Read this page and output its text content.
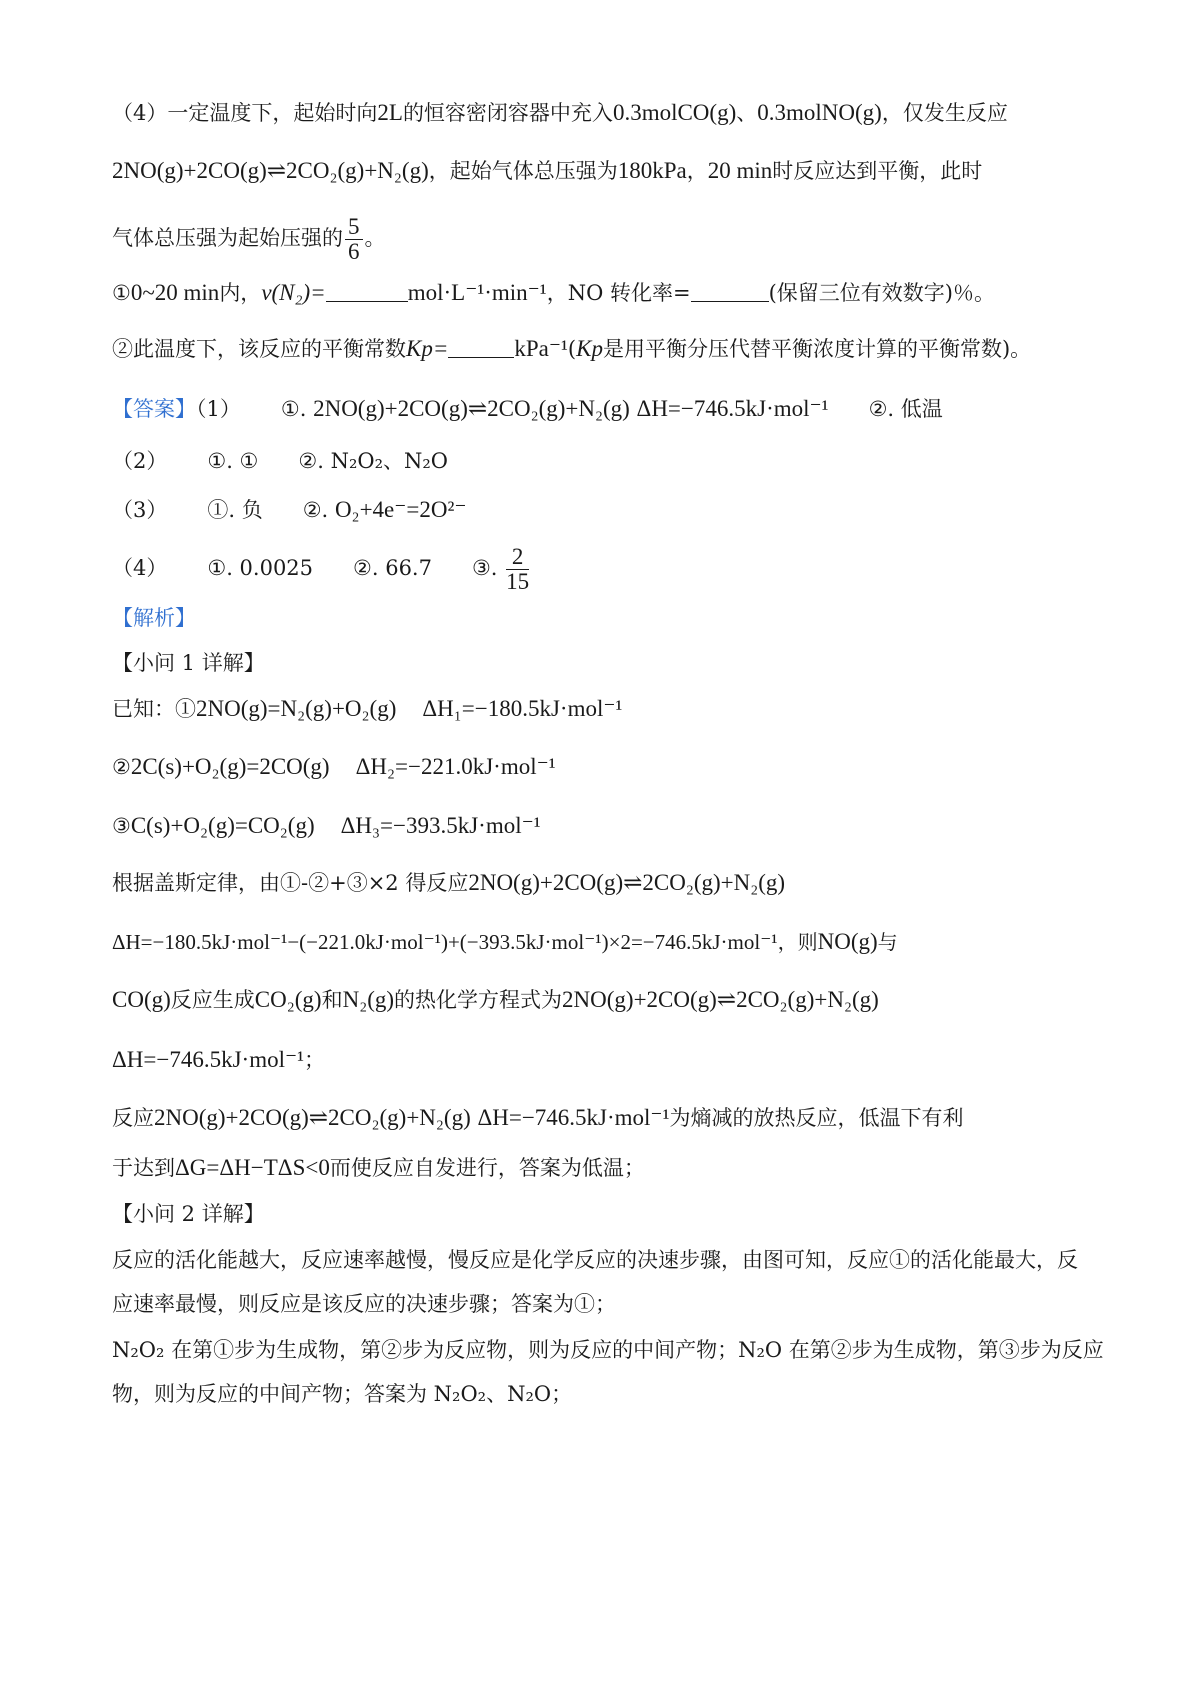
（4）一定温度下，起始时向2L的恒容密闭容器中充入0.3molCO(g)、0.3molNO(g)，仅发生反应
2NO(g)+2CO(g)⇌2CO₂(g)+N₂(g)，起始气体总压强为180kPa，20 min时反应达到平衡，此时
气体总压强为起始压强的 $\frac{5}{6}$ 。
①0~20 min内，v(N₂)=	mol·L⁻¹·min⁻¹，NO 转化率=	(保留三位有效数字)％。
②此温度下，该反应的平衡常数Kp=	kPa⁻¹(Kp是用平衡分压代替平衡浓度计算的平衡常数)。
【答案】（1） ①. 2NO(g)+2CO(g)⇌2CO₂(g)+N₂(g) ΔH=−746.5kJ·mol⁻¹ ②. 低温
（2） ①. ① ②. N₂O₂、N₂O
（3） ①. 负 ②. O₂+4e⁻=2O²⁻
（4） ①. 0.0025 ②. 66.7 ③. $\frac{2}{15}$
【解析】
【小问 1 详解】
已知：①2NO(g)=N₂(g)+O₂(g) ΔH₁=−180.5kJ·mol⁻¹
②2C(s)+O₂(g)=2CO(g) ΔH₂=−221.0kJ·mol⁻¹
③C(s)+O₂(g)=CO₂(g) ΔH₃=−393.5kJ·mol⁻¹
根据盖斯定律，由①-②+③×2 得反应2NO(g)+2CO(g)⇌2CO₂(g)+N₂(g)
ΔH=−180.5kJ·mol⁻¹−(−221.0kJ·mol⁻¹)+(−393.5kJ·mol⁻¹)×2=−746.5kJ·mol⁻¹，则NO(g)与
CO(g)反应生成CO₂(g)和N₂(g)的热化学方程式为2NO(g)+2CO(g)⇌2CO₂(g)+N₂(g)
ΔH=−746.5kJ·mol⁻¹；
反应2NO(g)+2CO(g)⇌2CO₂(g)+N₂(g) ΔH=−746.5kJ·mol⁻¹为熵减的放热反应，低温下有利
于达到ΔG=ΔH−TΔS<0而使反应自发进行，答案为低温；
【小问 2 详解】
反应的活化能越大，反应速率越慢，慢反应是化学反应的决速步骤，由图可知，反应①的活化能最大，反
应速率最慢，则反应是该反应的决速步骤；答案为①；
N₂O₂ 在第①步为生成物，第②步为反应物，则为反应的中间产物；N₂O 在第②步为生成物，第③步为反应
物，则为反应的中间产物；答案为 N₂O₂、N₂O；
